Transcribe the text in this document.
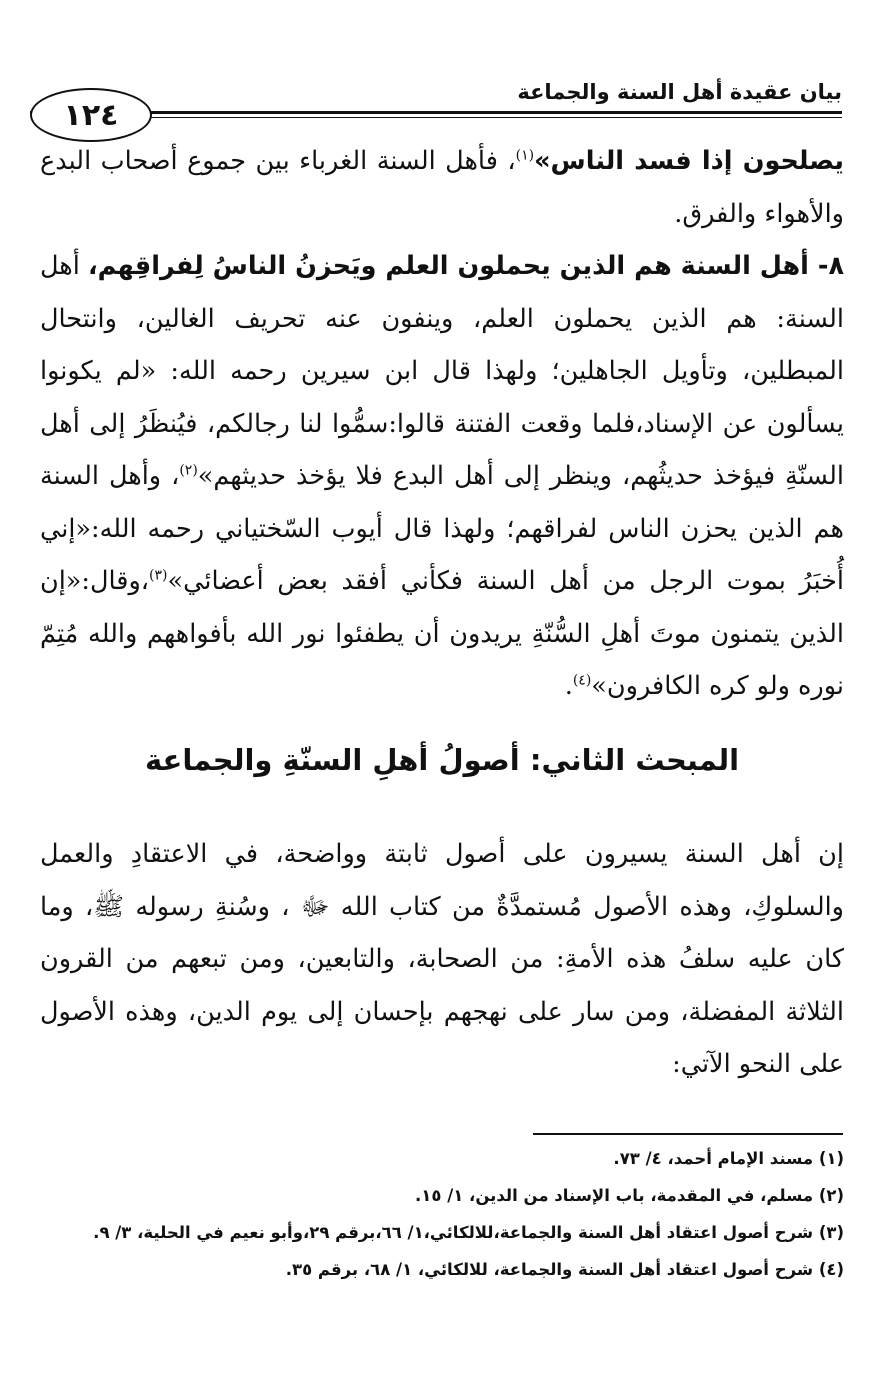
بيان عقيدة أهل السنة والجماعة
١٢٤

يصلحون إذا فسد الناس»$^{(١)}$، فأهل السنة الغرباء بين جموع أصحاب البدع والأهواء والفرق.

٨- أهل السنة هم الذين يحملون العلم ويَحزنُ الناسُ لِفراقِهم، أهل السنة: هم الذين يحملون العلم، وينفون عنه تحريف الغالين، وانتحال المبطلين، وتأويل الجاهلين؛ ولهذا قال ابن سيرين رحمه الله: «لم يكونوا يسألون عن الإسناد،فلما وقعت الفتنة قالوا:سمُّوا لنا رجالكم، فيُنظَرُ إلى أهل السنّةِ فيؤخذ حديثُهم، وينظر إلى أهل البدع فلا يؤخذ حديثهم»$^{(٢)}$، وأهل السنة هم الذين يحزن الناس لفراقهم؛ ولهذا قال أيوب السّختياني رحمه الله:«إني أُخبَرُ بموت الرجل من أهل السنة فكأني أفقد بعض أعضائي»$^{(٣)}$،وقال:«إن الذين يتمنون موتَ أهلِ السُّنّةِ يريدون أن يطفئوا نور الله بأفواههم والله مُتِمّ نوره ولو كره الكافرون»$^{(٤)}$.

المبحث الثاني: أصولُ أهلِ السنّةِ والجماعة

إن أهل السنة يسيرون على أصول ثابتة وواضحة، في الاعتقادِ والعمل والسلوكِ، وهذه الأصول مُستمدَّةٌ من كتاب الله ﷻ ، وسُنةِ رسوله ﷺ، وما كان عليه سلفُ هذه الأمةِ: من الصحابة، والتابعين، ومن تبعهم من القرون الثلاثة المفضلة، ومن سار على نهجهم بإحسان إلى يوم الدين، وهذه الأصول على النحو الآتي:

(١) مسند الإمام أحمد، ٤/ ٧٣.
(٢) مسلم، في المقدمة، باب الإسناد من الدين، ١/ ١٥.
(٣) شرح أصول اعتقاد أهل السنة والجماعة،للالكائي،١/ ٦٦،برقم ٢٩،وأبو نعيم في الحلية، ٣/ ٩.
(٤) شرح أصول اعتقاد أهل السنة والجماعة، للالكائي، ١/ ٦٨، برقم ٣٥.
